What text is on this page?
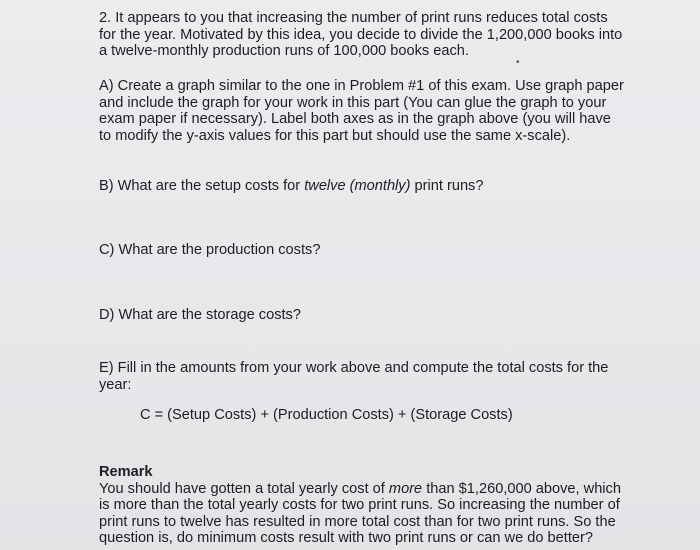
2. It appears to you that increasing the number of print runs reduces total costs
for the year. Motivated by this idea, you decide to divide the 1,200,000 books into
a twelve-monthly production runs of 100,000 books each.
•
A) Create a graph similar to the one in Problem #1 of this exam. Use graph paper
and include the graph for your work in this part (You can glue the graph to your
exam paper if necessary). Label both axes as in the graph above (you will have
to modify the y-axis values for this part but should use the same x-scale).
B) What are the setup costs for twelve (monthly) print runs?
C) What are the production costs?
D) What are the storage costs?
E) Fill in the amounts from your work above and compute the total costs for the
year:
C = (Setup Costs) + (Production Costs) + (Storage Costs)
Remark
You should have gotten a total yearly cost of more than $1,260,000 above, which
is more than the total yearly costs for two print runs. So increasing the number of
print runs to twelve has resulted in more total cost than for two print runs. So the
question is, do minimum costs result with two print runs or can we do better?
